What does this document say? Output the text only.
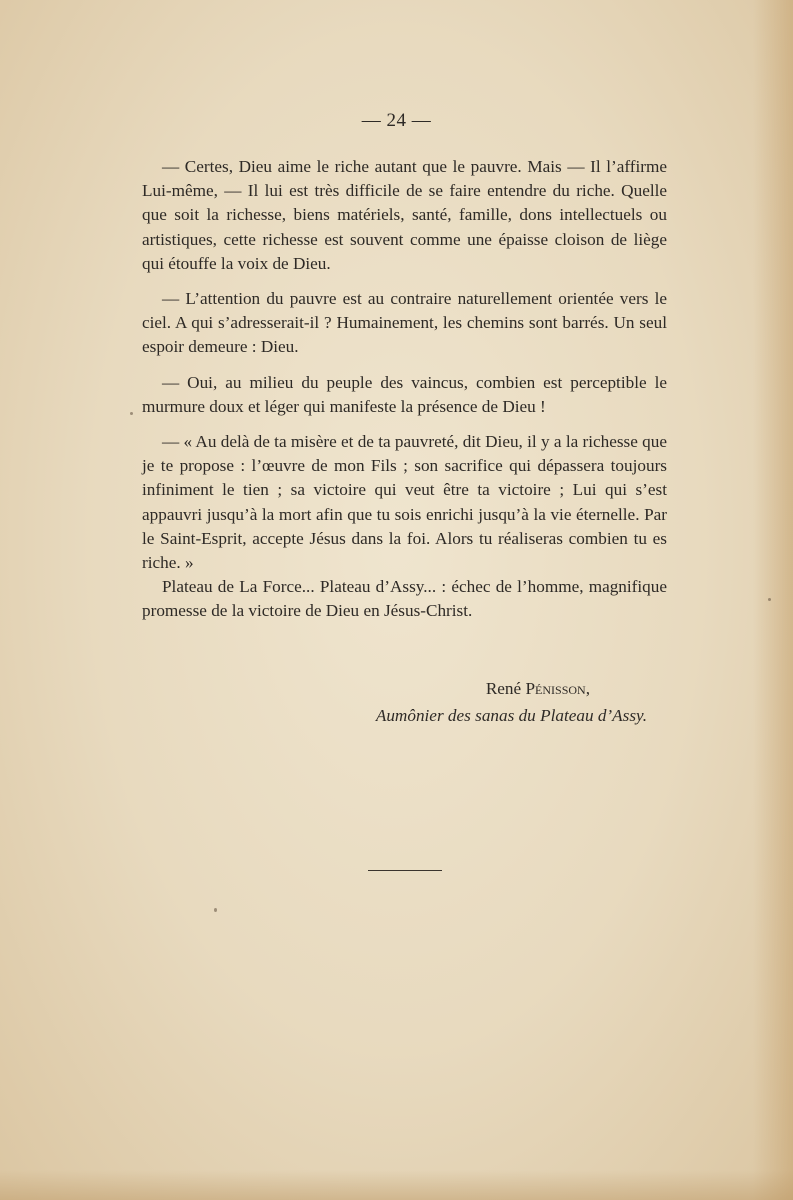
— 24 —

— Certes, Dieu aime le riche autant que le pauvre. Mais — Il l’affirme Lui-même, — Il lui est très difficile de se faire entendre du riche. Quelle que soit la richesse, biens matériels, santé, famille, dons intellectuels ou artistiques, cette richesse est souvent comme une épaisse cloison de liège qui étouffe la voix de Dieu.

— L’attention du pauvre est au contraire naturellement orientée vers le ciel. A qui s’adresserait-il ? Humainement, les chemins sont barrés. Un seul espoir demeure : Dieu.

— Oui, au milieu du peuple des vaincus, combien est perceptible le murmure doux et léger qui manifeste la présence de Dieu !

— « Au delà de ta misère et de ta pauvreté, dit Dieu, il y a la richesse que je te propose : l’œuvre de mon Fils ; son sacrifice qui dépassera toujours infiniment le tien ; sa victoire qui veut être ta victoire ; Lui qui s’est appauvri jusqu’à la mort afin que tu sois enrichi jusqu’à la vie éternelle. Par le Saint-Esprit, accepte Jésus dans la foi. Alors tu réaliseras combien tu es riche. »

Plateau de La Force... Plateau d’Assy... : échec de l’homme, magnifique promesse de la victoire de Dieu en Jésus-Christ.

René Pénisson,
Aumônier des sanas du Plateau d’Assy.
